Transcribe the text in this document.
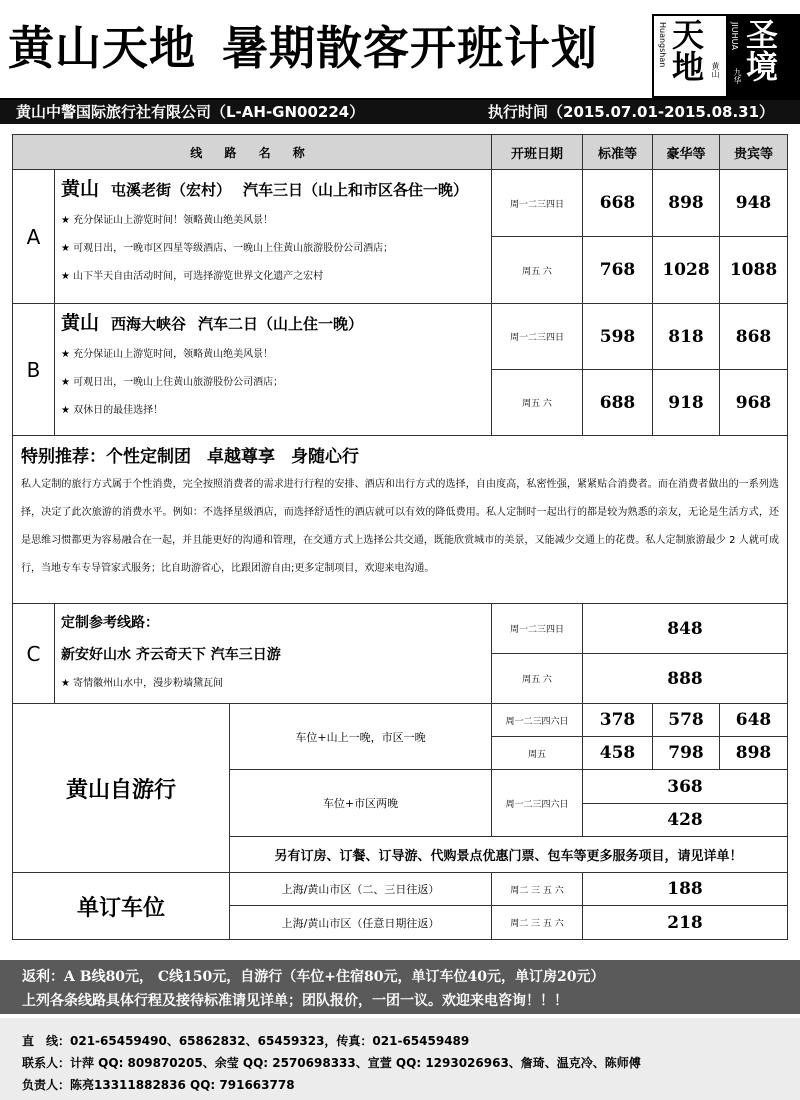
黄山天地 暑期散客开班计划	Huangshan 天地 黄山
JIUHUA 圣境
九华
黄山中警国际旅行社有限公司（L-AH-GN00224）	执行时间（2015.07.01-2015.08.31）
线 路 名 称			开班日期	标准等	豪华等	贵宾等
A	黄山 屯溪老街（宏村） 汽车三日（山上和市区各住一晚）
★ 充分保证山上游览时间！领略黄山绝美风景！
★ 可观日出，一晚市区四星等级酒店、一晚山上住黄山旅游股份公司酒店；
★ 山下半天自由活动时间，可选择游览世界文化遗产之宏村		周一二三四日	668	898	948
			周五 六	768	1028	1088
B	黄山 西海大峡谷 汽车二日（山上住一晚）
★ 充分保证山上游览时间，领略黄山绝美风景！
★ 可观日出，一晚山上住黄山旅游股份公司酒店；
★ 双休日的最佳选择！		周一二三四日	598	818	868
			周五 六	688	918	968

特别推荐：个性定制团 卓越尊享 身随心行
私人定制的旅行方式属于个性消费，完全按照消费者的需求进行行程的安排、酒店和出行方式的选择，自由度高，私密性强，紧紧贴合消费者。而在消费者做出的一系列选择，决定了此次旅游的消费水平。例如：不选择星级酒店，而选择舒适性的酒店就可以有效的降低费用。私人定制时一起出行的都是较为熟悉的亲友，无论是生活方式，还是思维习惯都更为容易融合在一起，并且能更好的沟通和管理，在交通方式上选择公共交通，既能欣赏城市的美景，又能减少交通上的花费。私人定制旅游最少 2 人就可成行，当地专车专导管家式服务；比自助游省心，比跟团游自由;更多定制项目，欢迎来电沟通。						

C	定制参考线路：
新安好山水 齐云奇天下 汽车三日游
★ 寄情徽州山水中，漫步粉墙黛瓦间		周一二三四日	848		
			周五 六	888		
黄山自游行		车位+山上一晚，市区一晚	周一二三四六日	378	578	648
			周五	458	798	898
		车位+市区两晚	周一二三四六日	368		
				428		
		另有订房、订餐、订导游、代购景点优惠门票、包车等更多服务项目，请见详单！				
单订车位		上海/黄山市区（二、三日往返）	周二 三 五 六	188		
		上海/黄山市区（任意日期往返）	周二 三 五 六	218		
返利：A B线80元， C线150元，自游行（车位+住宿80元，单订车位40元，单订房20元）
上列各条线路具体行程及接待标准请见详单；团队报价，一团一议。欢迎来电咨询！！！
直　线：021-65459490、65862832、65459323，传真：021-65459489
联系人：计萍 QQ: 809870205、余莹 QQ: 2570698333、宣萱 QQ: 1293026963、詹琦、温克冷、陈师傅
负责人：陈亮13311882836 QQ: 791663778
